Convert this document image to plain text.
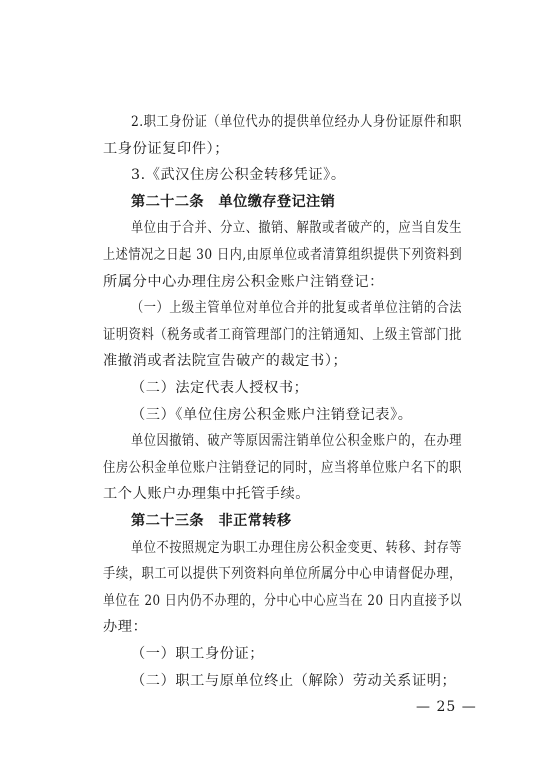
2.职工身份证（单位代办的提供单位经办人身份证原件和职
工身份证复印件）；
3.《武汉住房公积金转移凭证》。
第二十二条　单位缴存登记注销
单位由于合并、分立、撤销、解散或者破产的，应当自发生
上述情况之日起 30 日内,由原单位或者清算组织提供下列资料到
所属分中心办理住房公积金账户注销登记：
（一）上级主管单位对单位合并的批复或者单位注销的合法
证明资料（税务或者工商管理部门的注销通知、上级主管部门批
准撤消或者法院宣告破产的裁定书）；
（二）法定代表人授权书；
（三）《单位住房公积金账户注销登记表》。
单位因撤销、破产等原因需注销单位公积金账户的，在办理
住房公积金单位账户注销登记的同时，应当将单位账户名下的职
工个人账户办理集中托管手续。
第二十三条　非正常转移
单位不按照规定为职工办理住房公积金变更、转移、封存等
手续，职工可以提供下列资料向单位所属分中心申请督促办理，
单位在 20 日内仍不办理的，分中心中心应当在 20 日内直接予以
办理：
（一）职工身份证；
（二）职工与原单位终止（解除）劳动关系证明；
— 25 —
